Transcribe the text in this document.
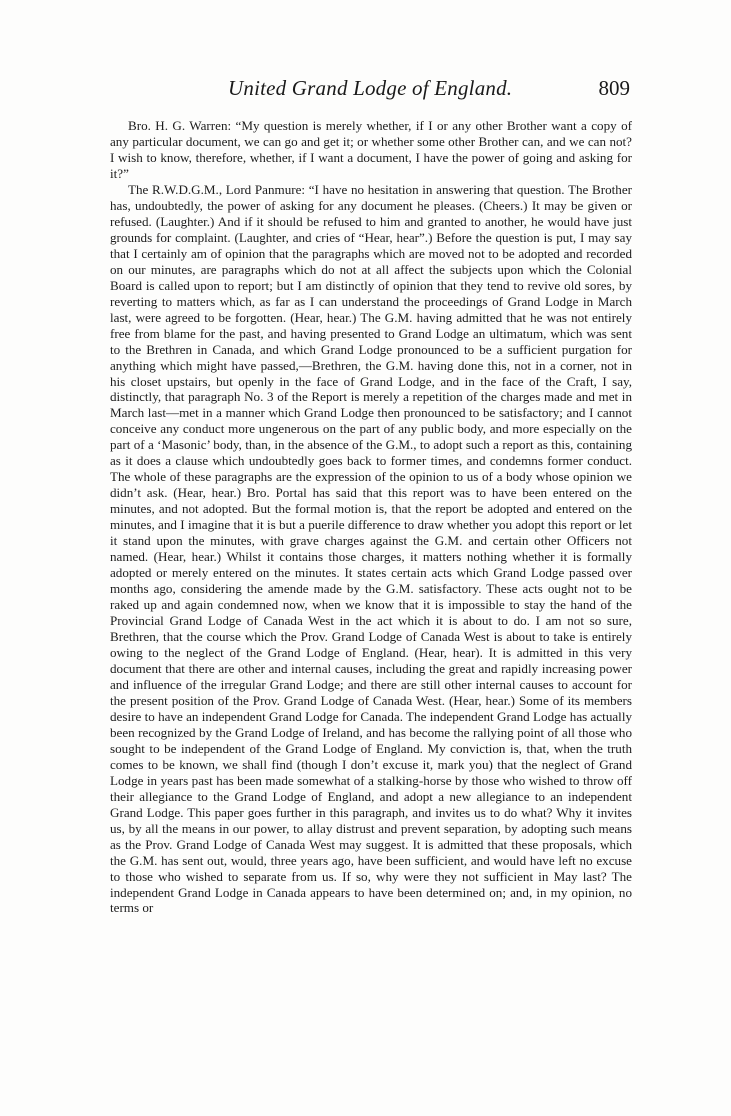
United Grand Lodge of England.	809

Bro. H. G. Warren: “My question is merely whether, if I or any other Brother want a copy of any particular document, we can go and get it; or whether some other Brother can, and we can not? I wish to know, therefore, whether, if I want a document, I have the power of going and asking for it?”

The R.W.D.G.M., Lord Panmure: “I have no hesitation in answering that question. The Brother has, undoubtedly, the power of asking for any document he pleases. (Cheers.) It may be given or refused. (Laughter.) And if it should be refused to him and granted to another, he would have just grounds for complaint. (Laughter, and cries of “Hear, hear”.) Before the question is put, I may say that I certainly am of opinion that the paragraphs which are moved not to be adopted and recorded on our minutes, are paragraphs which do not at all affect the subjects upon which the Colonial Board is called upon to report; but I am distinctly of opinion that they tend to revive old sores, by reverting to matters which, as far as I can understand the proceedings of Grand Lodge in March last, were agreed to be forgotten. (Hear, hear.) The G.M. having admitted that he was not entirely free from blame for the past, and having presented to Grand Lodge an ultimatum, which was sent to the Brethren in Canada, and which Grand Lodge pronounced to be a sufficient purgation for anything which might have passed,—Brethren, the G.M. having done this, not in a corner, not in his closet upstairs, but openly in the face of Grand Lodge, and in the face of the Craft, I say, distinctly, that paragraph No. 3 of the Report is merely a repetition of the charges made and met in March last—met in a manner which Grand Lodge then pronounced to be satisfactory; and I cannot conceive any conduct more ungenerous on the part of any public body, and more especially on the part of a ‘Masonic’ body, than, in the absence of the G.M., to adopt such a report as this, containing as it does a clause which undoubtedly goes back to former times, and condemns former conduct. The whole of these paragraphs are the expression of the opinion to us of a body whose opinion we didn’t ask. (Hear, hear.) Bro. Portal has said that this report was to have been entered on the minutes, and not adopted. But the formal motion is, that the report be adopted and entered on the minutes, and I imagine that it is but a puerile difference to draw whether you adopt this report or let it stand upon the minutes, with grave charges against the G.M. and certain other Officers not named. (Hear, hear.) Whilst it contains those charges, it matters nothing whether it is formally adopted or merely entered on the minutes. It states certain acts which Grand Lodge passed over months ago, considering the amende made by the G.M. satisfactory. These acts ought not to be raked up and again condemned now, when we know that it is impossible to stay the hand of the Provincial Grand Lodge of Canada West in the act which it is about to do. I am not so sure, Brethren, that the course which the Prov. Grand Lodge of Canada West is about to take is entirely owing to the neglect of the Grand Lodge of England. (Hear, hear). It is admitted in this very document that there are other and internal causes, including the great and rapidly increasing power and influence of the irregular Grand Lodge; and there are still other internal causes to account for the present position of the Prov. Grand Lodge of Canada West. (Hear, hear.) Some of its members desire to have an independent Grand Lodge for Canada. The independent Grand Lodge has actually been recognized by the Grand Lodge of Ireland, and has become the rallying point of all those who sought to be independent of the Grand Lodge of England. My conviction is, that, when the truth comes to be known, we shall find (though I don’t excuse it, mark you) that the neglect of Grand Lodge in years past has been made somewhat of a stalking-horse by those who wished to throw off their allegiance to the Grand Lodge of England, and adopt a new allegiance to an independent Grand Lodge. This paper goes further in this paragraph, and invites us to do what? Why it invites us, by all the means in our power, to allay distrust and prevent separation, by adopting such means as the Prov. Grand Lodge of Canada West may suggest. It is admitted that these proposals, which the G.M. has sent out, would, three years ago, have been sufficient, and would have left no excuse to those who wished to separate from us. If so, why were they not sufficient in May last? The independent Grand Lodge in Canada appears to have been determined on; and, in my opinion, no terms or
